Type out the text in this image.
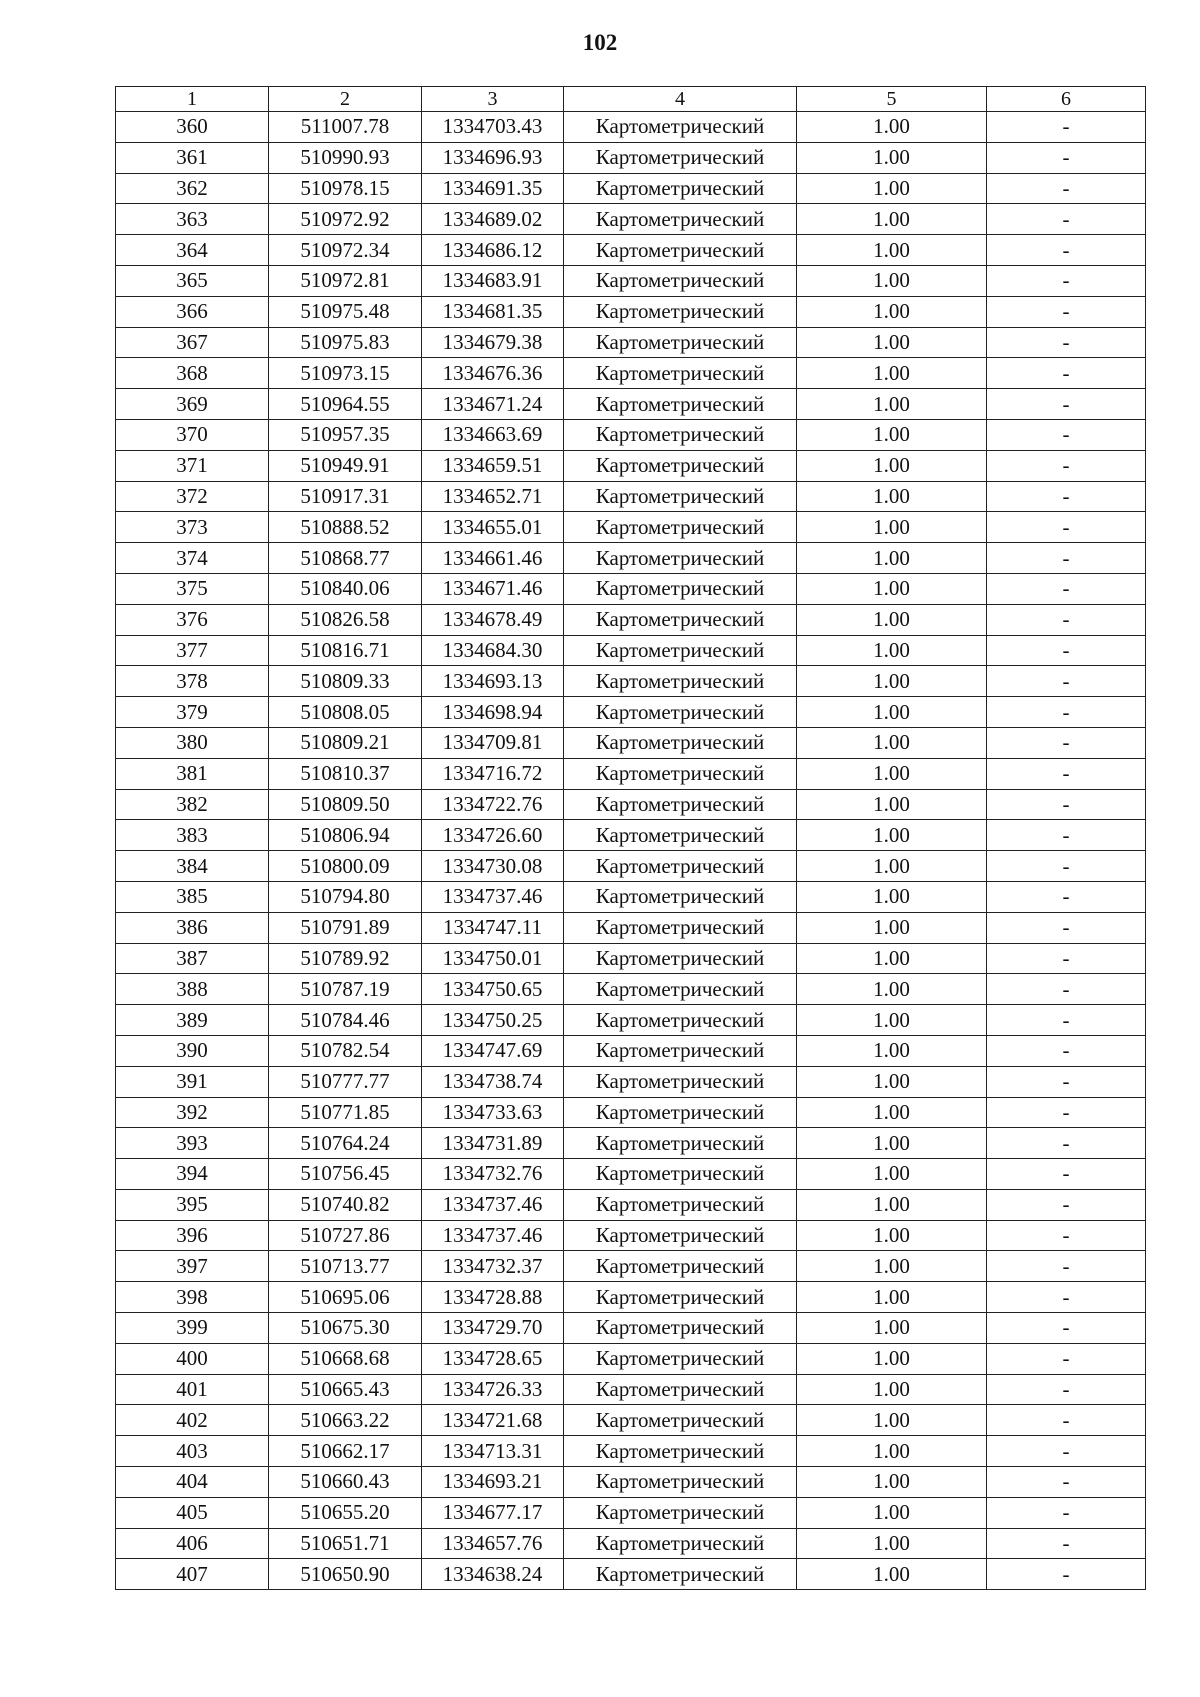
102
1	2	3	4	5	6
360	511007.78	1334703.43	Картометрический	1.00	-
361	510990.93	1334696.93	Картометрический	1.00	-
362	510978.15	1334691.35	Картометрический	1.00	-
363	510972.92	1334689.02	Картометрический	1.00	-
364	510972.34	1334686.12	Картометрический	1.00	-
365	510972.81	1334683.91	Картометрический	1.00	-
366	510975.48	1334681.35	Картометрический	1.00	-
367	510975.83	1334679.38	Картометрический	1.00	-
368	510973.15	1334676.36	Картометрический	1.00	-
369	510964.55	1334671.24	Картометрический	1.00	-
370	510957.35	1334663.69	Картометрический	1.00	-
371	510949.91	1334659.51	Картометрический	1.00	-
372	510917.31	1334652.71	Картометрический	1.00	-
373	510888.52	1334655.01	Картометрический	1.00	-
374	510868.77	1334661.46	Картометрический	1.00	-
375	510840.06	1334671.46	Картометрический	1.00	-
376	510826.58	1334678.49	Картометрический	1.00	-
377	510816.71	1334684.30	Картометрический	1.00	-
378	510809.33	1334693.13	Картометрический	1.00	-
379	510808.05	1334698.94	Картометрический	1.00	-
380	510809.21	1334709.81	Картометрический	1.00	-
381	510810.37	1334716.72	Картометрический	1.00	-
382	510809.50	1334722.76	Картометрический	1.00	-
383	510806.94	1334726.60	Картометрический	1.00	-
384	510800.09	1334730.08	Картометрический	1.00	-
385	510794.80	1334737.46	Картометрический	1.00	-
386	510791.89	1334747.11	Картометрический	1.00	-
387	510789.92	1334750.01	Картометрический	1.00	-
388	510787.19	1334750.65	Картометрический	1.00	-
389	510784.46	1334750.25	Картометрический	1.00	-
390	510782.54	1334747.69	Картометрический	1.00	-
391	510777.77	1334738.74	Картометрический	1.00	-
392	510771.85	1334733.63	Картометрический	1.00	-
393	510764.24	1334731.89	Картометрический	1.00	-
394	510756.45	1334732.76	Картометрический	1.00	-
395	510740.82	1334737.46	Картометрический	1.00	-
396	510727.86	1334737.46	Картометрический	1.00	-
397	510713.77	1334732.37	Картометрический	1.00	-
398	510695.06	1334728.88	Картометрический	1.00	-
399	510675.30	1334729.70	Картометрический	1.00	-
400	510668.68	1334728.65	Картометрический	1.00	-
401	510665.43	1334726.33	Картометрический	1.00	-
402	510663.22	1334721.68	Картометрический	1.00	-
403	510662.17	1334713.31	Картометрический	1.00	-
404	510660.43	1334693.21	Картометрический	1.00	-
405	510655.20	1334677.17	Картометрический	1.00	-
406	510651.71	1334657.76	Картометрический	1.00	-
407	510650.90	1334638.24	Картометрический	1.00	-
